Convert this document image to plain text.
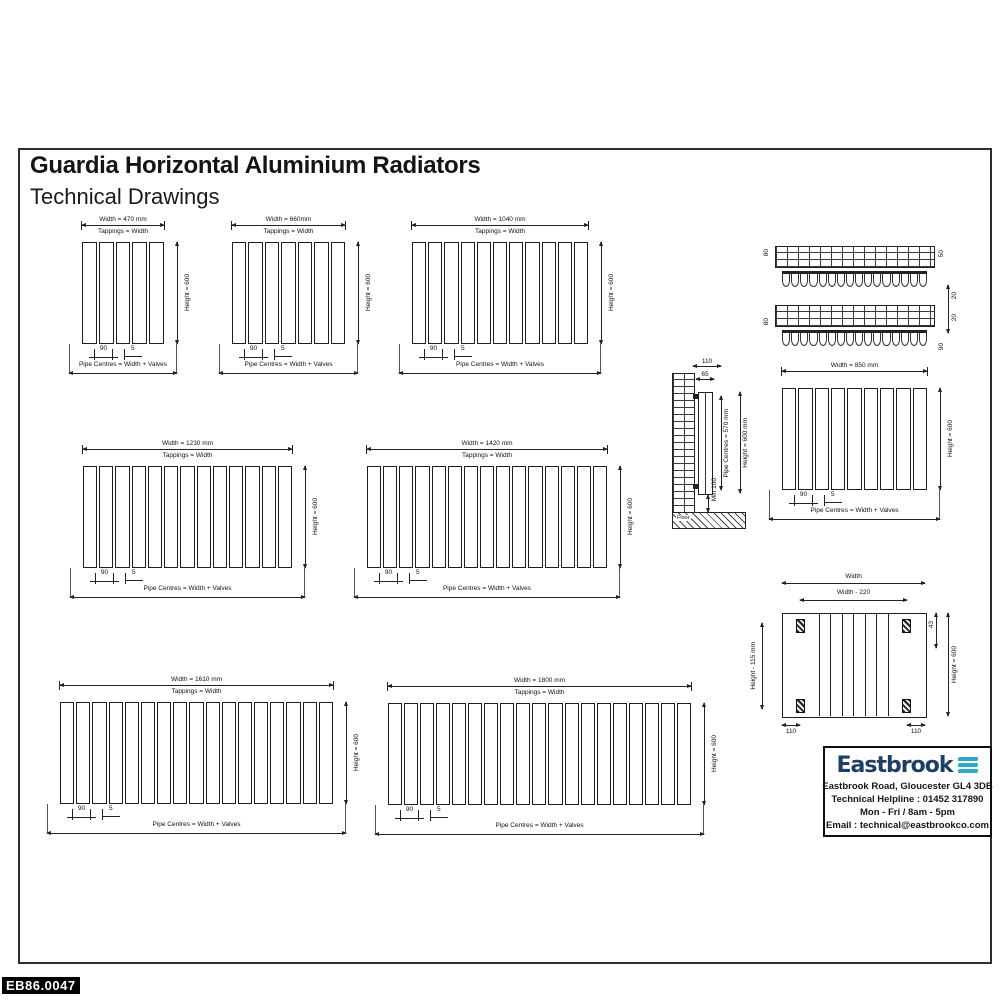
Guardia Horizontal Aluminium Radiators
Technical Drawings
Width = 470 mm
Tappings = Width
Height = 600
90	5
Pipe Centres = Width + Valves
Width = 660mm
Tappings = Width
Height = 600
90	5
Pipe Centres = Width + Valves
Width = 1040 mm
Tappings = Width
Height = 600
90	5
Pipe Centres = Width + Valves
Width = 1230 mm
Tappings = Width
Height = 600
90	5
Pipe Centres = Width + Valves
Width = 1420 mm
Tappings = Width
Height = 600
90	5
Pipe Centres = Width + Valves
Width = 850 mm
Height = 600
90	5
Pipe Centres = Width + Valves
Width = 1610 mm
Tappings = Width
Height = 600
90	5
Pipe Centres = Width + Valves
Width = 1800 mm
Tappings = Width
Height = 600
90	5
Pipe Centres = Width + Valves
80	50
20
20
80
90
Floor
110
65
Pipe Centres = 570 mm Height = 600 mm
Min 100
Width
Width - 220
Height - 115 mm
43
Height = 600
110	110
Eastbrook
Eastbrook Road, Gloucester GL4 3DB
Technical Helpline : 01452 317890
Mon - Fri / 8am - 5pm
Email : technical@eastbrookco.com
EB86.0047
